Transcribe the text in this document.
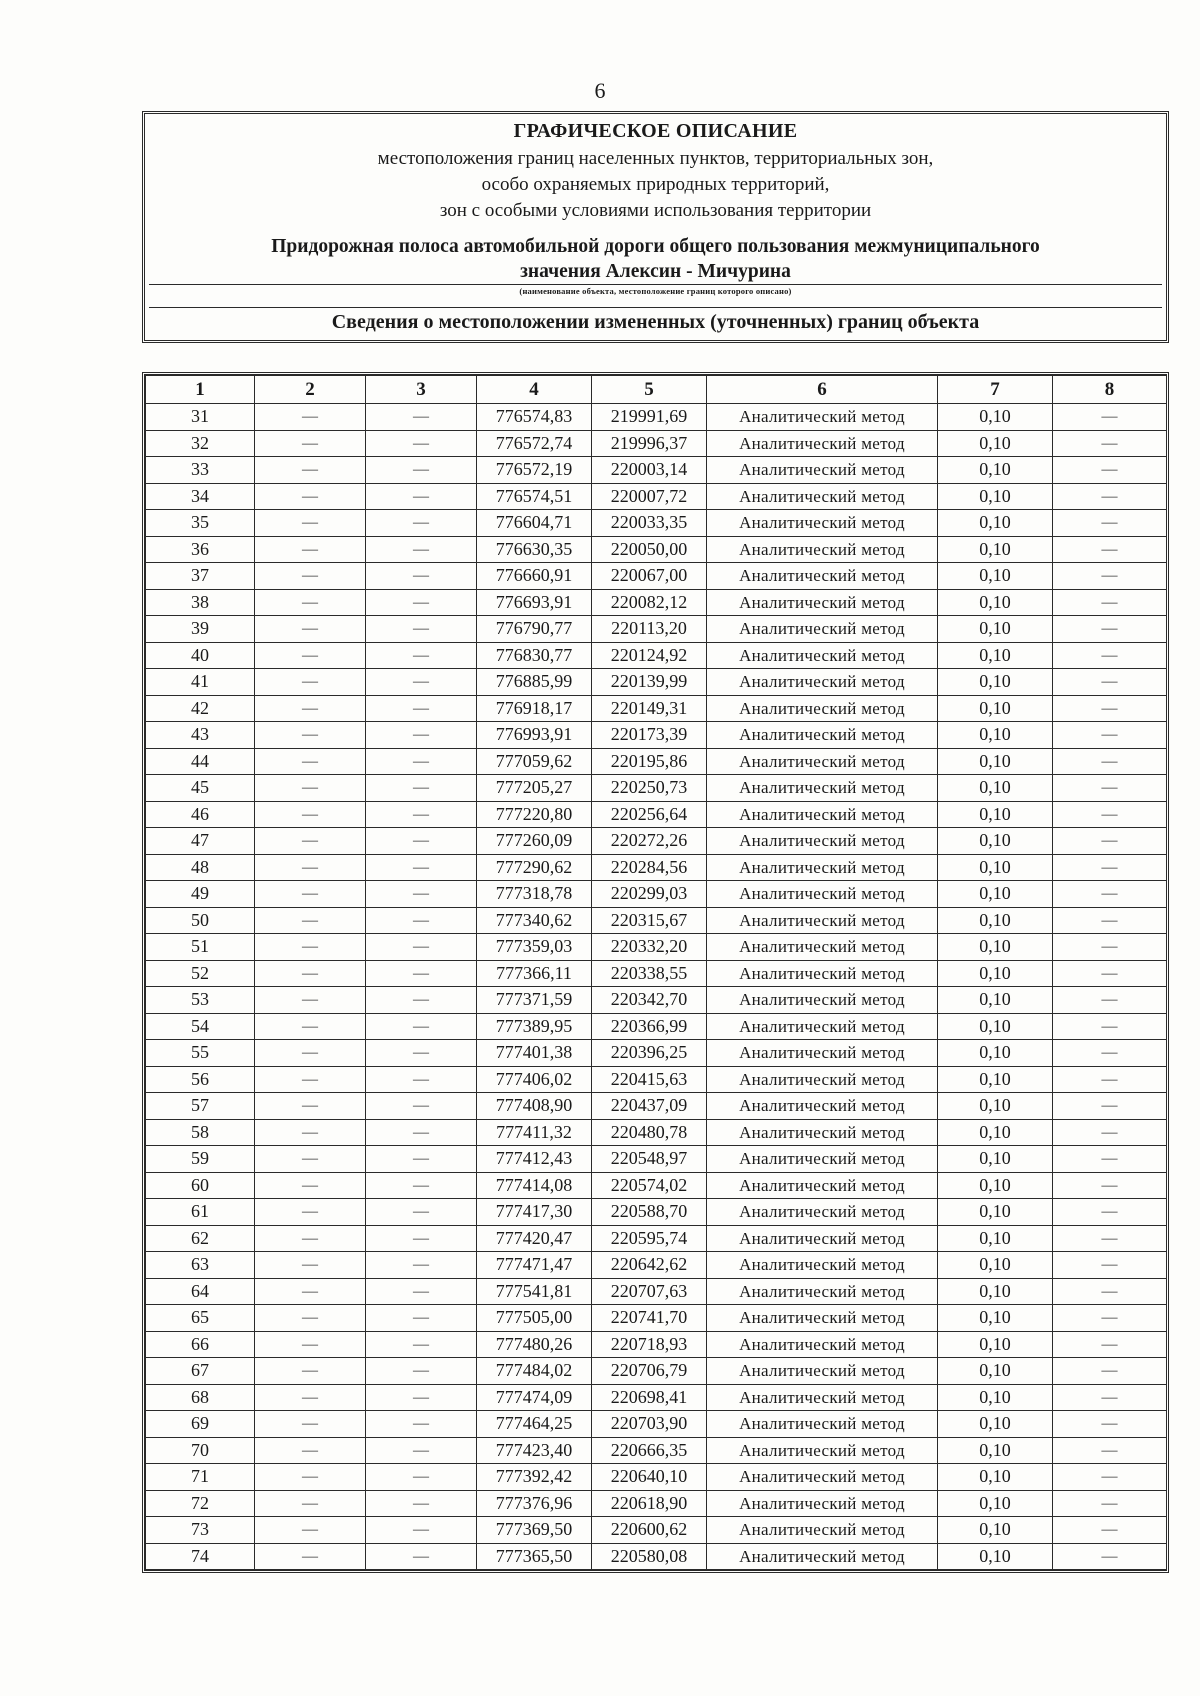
6
ГРАФИЧЕСКОЕ ОПИСАНИЕ
местоположения границ населенных пунктов, территориальных зон,
особо охраняемых природных территорий,
зон с особыми условиями использования территории
Придорожная полоса автомобильной дороги общего пользования межмуниципального
значения Алексин - Мичурина
(наименование объекта, местоположение границ которого описано)
Сведения о местоположении измененных (уточненных) границ объекта
1	2	3	4	5	6	7	8
31	—	—	776574,83	219991,69	Аналитический метод	0,10	—
32	—	—	776572,74	219996,37	Аналитический метод	0,10	—
33	—	—	776572,19	220003,14	Аналитический метод	0,10	—
34	—	—	776574,51	220007,72	Аналитический метод	0,10	—
35	—	—	776604,71	220033,35	Аналитический метод	0,10	—
36	—	—	776630,35	220050,00	Аналитический метод	0,10	—
37	—	—	776660,91	220067,00	Аналитический метод	0,10	—
38	—	—	776693,91	220082,12	Аналитический метод	0,10	—
39	—	—	776790,77	220113,20	Аналитический метод	0,10	—
40	—	—	776830,77	220124,92	Аналитический метод	0,10	—
41	—	—	776885,99	220139,99	Аналитический метод	0,10	—
42	—	—	776918,17	220149,31	Аналитический метод	0,10	—
43	—	—	776993,91	220173,39	Аналитический метод	0,10	—
44	—	—	777059,62	220195,86	Аналитический метод	0,10	—
45	—	—	777205,27	220250,73	Аналитический метод	0,10	—
46	—	—	777220,80	220256,64	Аналитический метод	0,10	—
47	—	—	777260,09	220272,26	Аналитический метод	0,10	—
48	—	—	777290,62	220284,56	Аналитический метод	0,10	—
49	—	—	777318,78	220299,03	Аналитический метод	0,10	—
50	—	—	777340,62	220315,67	Аналитический метод	0,10	—
51	—	—	777359,03	220332,20	Аналитический метод	0,10	—
52	—	—	777366,11	220338,55	Аналитический метод	0,10	—
53	—	—	777371,59	220342,70	Аналитический метод	0,10	—
54	—	—	777389,95	220366,99	Аналитический метод	0,10	—
55	—	—	777401,38	220396,25	Аналитический метод	0,10	—
56	—	—	777406,02	220415,63	Аналитический метод	0,10	—
57	—	—	777408,90	220437,09	Аналитический метод	0,10	—
58	—	—	777411,32	220480,78	Аналитический метод	0,10	—
59	—	—	777412,43	220548,97	Аналитический метод	0,10	—
60	—	—	777414,08	220574,02	Аналитический метод	0,10	—
61	—	—	777417,30	220588,70	Аналитический метод	0,10	—
62	—	—	777420,47	220595,74	Аналитический метод	0,10	—
63	—	—	777471,47	220642,62	Аналитический метод	0,10	—
64	—	—	777541,81	220707,63	Аналитический метод	0,10	—
65	—	—	777505,00	220741,70	Аналитический метод	0,10	—
66	—	—	777480,26	220718,93	Аналитический метод	0,10	—
67	—	—	777484,02	220706,79	Аналитический метод	0,10	—
68	—	—	777474,09	220698,41	Аналитический метод	0,10	—
69	—	—	777464,25	220703,90	Аналитический метод	0,10	—
70	—	—	777423,40	220666,35	Аналитический метод	0,10	—
71	—	—	777392,42	220640,10	Аналитический метод	0,10	—
72	—	—	777376,96	220618,90	Аналитический метод	0,10	—
73	—	—	777369,50	220600,62	Аналитический метод	0,10	—
74	—	—	777365,50	220580,08	Аналитический метод	0,10	—
